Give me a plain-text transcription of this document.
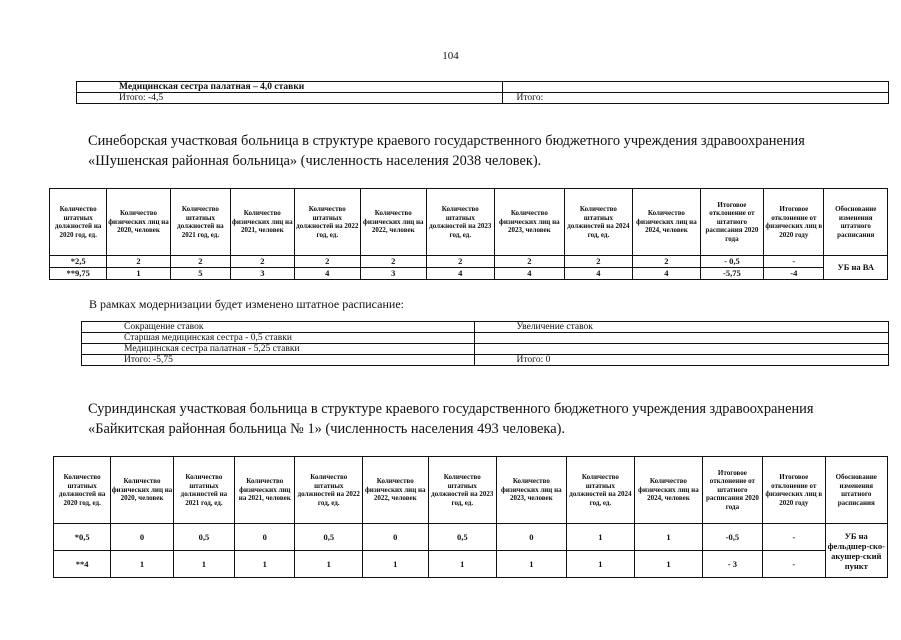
104
Медицинская сестра палатная – 4,0 ставки	
Итого: -4,5	Итого:
Синеборская участковая больница в структуре краевого государственного бюджетного учреждения здравоохранения
«Шушенская районная больница» (численность населения 2038 человек).
Количество штатных должностей на 2020 год, ед.	Количество физических лиц на 2020, человек	Количество штатных должностей на 2021 год, ед.	Количество физических лиц на 2021, человек	Количество штатных должностей на 2022 год, ед.	Количество физических лиц на 2022, человек	Количество штатных должностей на 2023 год, ед.	Количество физических лиц на 2023, человек	Количество штатных должностей на 2024 год, ед.	Количество физических лиц на 2024, человек	Итоговое отклонение от штатного расписания 2020 года	Итоговое отклонение от физических лиц в 2020 году	Обоснование изменения штатного расписания
*2,5	2	2	2	2	2	2	2	2	2	- 0,5	-	УБ на ВА
**9,75	1	5	3	4	3	4	4	4	4	-5,75	-4	
В рамках модернизации будет изменено штатное расписание:
Сокращение ставок	Увеличение ставок
Старшая медицинская сестра - 0,5 ставки	
Медицинская сестра палатная - 5,25 ставки	
Итого: -5,75	Итого: 0
Суриндинская участковая больница в структуре краевого государственного бюджетного учреждения здравоохранения
«Байкитская районная больница № 1» (численность населения 493 человека).
Количество штатных должностей на 2020 год, ед.	Количество физических лиц на 2020, человек	Количество штатных должностей на 2021 год, ед.	Количество физических лиц на 2021, человек	Количество штатных должностей на 2022 год, ед.	Количество физических лиц на 2022, человек	Количество штатных должностей на 2023 год, ед.	Количество физических лиц на 2023, человек	Количество штатных должностей на 2024 год, ед.	Количество физических лиц на 2024, человек	Итоговое отклонение от штатного расписания 2020 года	Итоговое отклонение от физических лиц в 2020 году	Обоснование изменения штатного расписания
*0,5	0	0,5	0	0,5	0	0,5	0	1	1	-0,5	-	УБ на фельдшер-ско-акушер-ский пункт
**4	1	1	1	1	1	1	1	1	1	- 3	-	
